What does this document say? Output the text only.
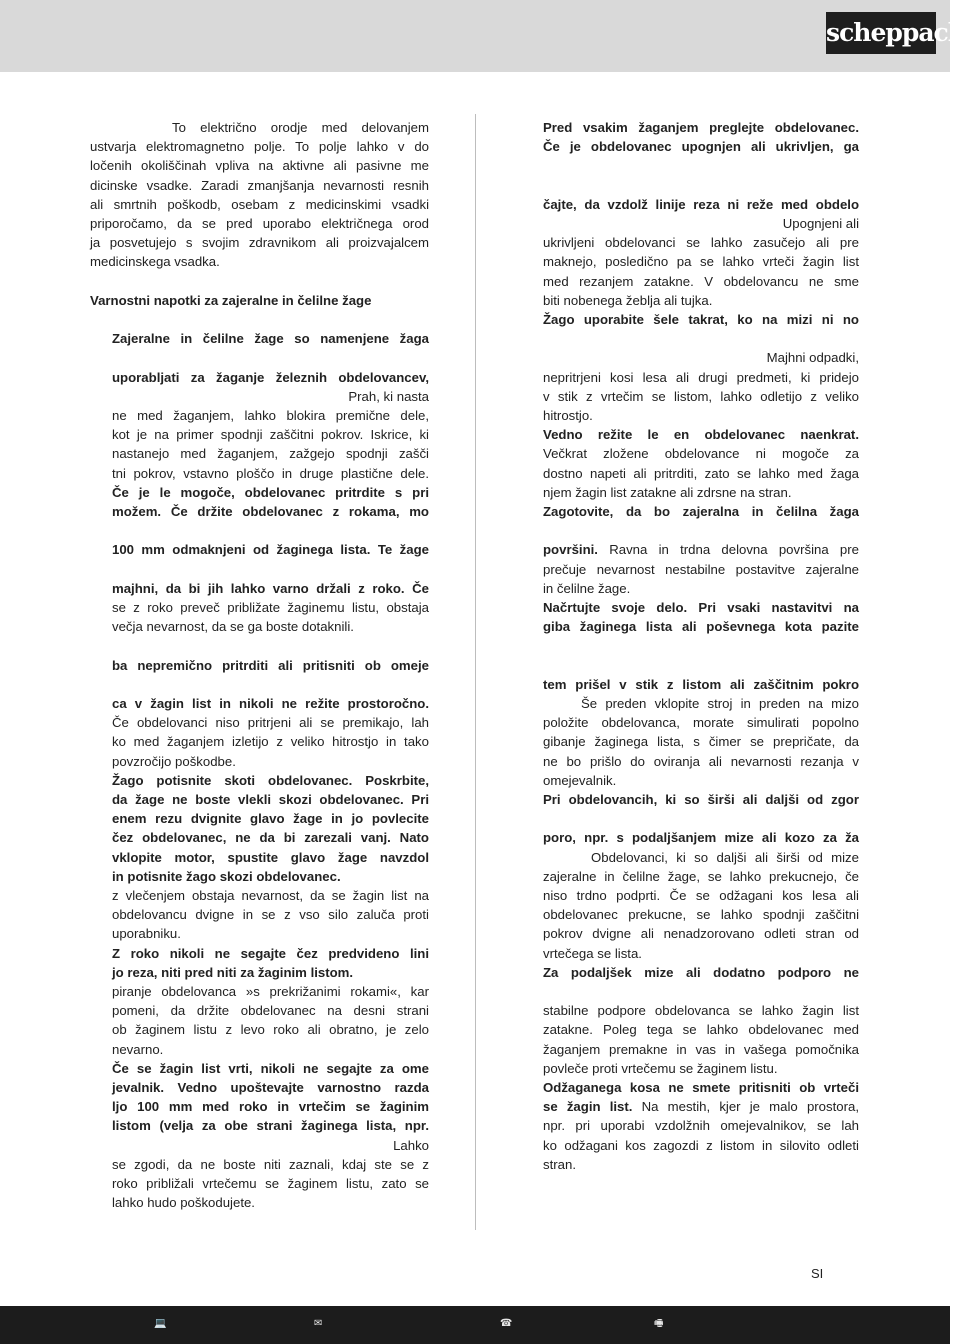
scheppach

To električno orodje med delovanjem

ustvarja elektromagnetno polje. To polje lahko v do

ločenih okoliščinah vpliva na aktivne ali pasivne me

dicinske vsadke. Zaradi zmanjšanja nevarnosti resnih

ali smrtnih poškodb, osebam z medicinskimi vsadki

priporočamo, da se pred uporabo električnega orod

ja posvetujejo s svojim zdravnikom ali proizvajalcem

medicinskega vsadka.

Varnostni napotki za zajeralne in čelilne žage

Zajeralne in čelilne žage so namenjene žaga

uporabljati za žaganje železnih obdelovancev,

Prah, ki nasta

ne med žaganjem, lahko blokira premične dele,

kot je na primer spodnji zaščitni pokrov. Iskrice, ki

nastanejo med žaganjem, zažgejo spodnji zašči

tni pokrov, vstavno ploščo in druge plastične dele.

Če je le mogoče, obdelovanec pritrdite s pri

možem. Če držite obdelovanec z rokama, mo

100 mm odmaknjeni od žaginega lista. Te žage

majhni, da bi jih lahko varno držali z roko. Če

se z roko preveč približate žaginemu listu, obstaja

večja nevarnost, da se ga boste dotaknili.

ba nepremično pritrditi ali pritisniti ob omeje

ca v žagin list in nikoli ne režite prostoročno.

Če obdelovanci niso pritrjeni ali se premikajo, lah

ko med žaganjem izletijo z veliko hitrostjo in tako

povzročijo poškodbe.

Žago potisnite skoti obdelovanec. Poskrbite,

da žage ne boste vlekli skozi obdelovanec. Pri

enem rezu dvignite glavo žage in jo povlecite

čez obdelovanec, ne da bi zarezali vanj. Nato

vklopite motor, spustite glavo žage navzdol

in potisnite žago skozi obdelovanec.

z vlečenjem obstaja nevarnost, da se žagin list na

obdelovancu dvigne in se z vso silo zaluča proti

uporabniku.

Z roko nikoli ne segajte čez predvideno lini

jo reza, niti pred niti za žaginim listom.

piranje obdelovanca »s prekrižanimi rokami«, kar

pomeni, da držite obdelovanec na desni strani

ob žaginem listu z levo roko ali obratno, je zelo

nevarno.

Če se žagin list vrti, nikoli ne segajte za ome

jevalnik. Vedno upoštevajte varnostno razda

ljo 100 mm med roko in vrtečim se žaginim

listom (velja za obe strani žaginega lista, npr.

Lahko

se zgodi, da ne boste niti zaznali, kdaj ste se z

roko približali vrtečemu se žaginem listu, zato se

lahko hudo poškodujete.

Pred vsakim žaganjem preglejte obdelovanec.

Če je obdelovanec upognjen ali ukrivljen, ga

čajte, da vzdolž linije reza ni reže med obdelo

Upognjeni ali

ukrivljeni obdelovanci se lahko zasučejo ali pre

maknejo, posledično pa se lahko vrteči žagin list

med rezanjem zatakne. V obdelovancu ne sme

biti nobenega žeblja ali tujka.

Žago uporabite šele takrat, ko na mizi ni no

Majhni odpadki,

nepritrjeni kosi lesa ali drugi predmeti, ki pridejo

v stik z vrtečim se listom, lahko odletijo z veliko

hitrostjo.

Vedno režite le en obdelovanec naenkrat.

Večkrat zložene obdelovance ni mogoče za

dostno napeti ali pritrditi, zato se lahko med žaga

njem žagin list zatakne ali zdrsne na stran.

Zagotovite, da bo zajeralna in čelilna žaga

površini. Ravna in trdna delovna površina pre

prečuje nevarnost nestabilne postavitve zajeralne

in čelilne žage.

Načrtujte svoje delo. Pri vsaki nastavitvi na

giba žaginega lista ali poševnega kota pazite

tem prišel v stik z listom ali zaščitnim pokro

Še preden vklopite stroj in preden na mizo

položite obdelovanca, morate simulirati popolno

gibanje žaginega lista, s čimer se prepričate, da

ne bo prišlo do oviranja ali nevarnosti rezanja v

omejevalnik.

Pri obdelovancih, ki so širši ali daljši od zgor

poro, npr. s podaljšanjem mize ali kozo za ža

Obdelovanci, ki so daljši ali širši od mize

zajeralne in čelilne žage, se lahko prekucnejo, če

niso trdno podprti. Če se odžagani kos lesa ali

obdelovanec prekucne, se lahko spodnji zaščitni

pokrov dvigne ali nenadzorovano odleti stran od

vrtečega se lista.

Za podaljšek mize ali dodatno podporo ne

stabilne podpore obdelovanca se lahko žagin list

zatakne. Poleg tega se lahko obdelovanec med

žaganjem premakne in vas in vašega pomočnika

povleče proti vrtečemu se žaginem listu.

Odžaganega kosa ne smete pritisniti ob vrteči

se žagin list. Na mestih, kjer je malo prostora,

npr. pri uporabi vzdolžnih omejevalnikov, se lah

ko odžagani kos zagozdi z listom in silovito odleti

stran.

SI
💻	✉	☎	🖷
